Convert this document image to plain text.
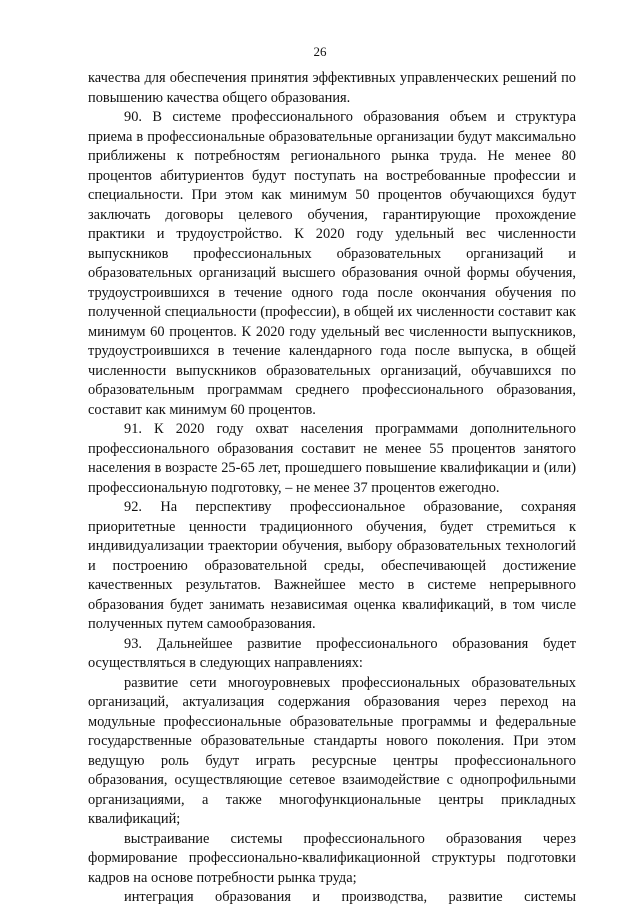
26

качества для обеспечения принятия эффективных управленческих решений по повышению качества общего образования.

90. В системе профессионального образования объем и структура приема в профессиональные образовательные организации будут максимально приближены к потребностям регионального рынка труда. Не менее 80 процентов абитуриентов будут поступать на востребованные профессии и специальности. При этом как минимум 50 процентов обучающихся будут заключать договоры целевого обучения, гарантирующие прохождение практики и трудоустройство. К 2020 году удельный вес численности выпускников профессиональных образовательных организаций и образовательных организаций высшего образования очной формы обучения, трудоустроившихся в течение одного года после окончания обучения по полученной специальности (профессии), в общей их численности составит как минимум 60 процентов. К 2020 году удельный вес численности выпускников, трудоустроившихся в течение календарного года после выпуска, в общей численности выпускников образовательных организаций, обучавшихся по образовательным программам среднего профессионального образования, составит как минимум 60 процентов.

91. К 2020 году охват населения программами дополнительного профессионального образования составит не менее 55 процентов занятого населения в возрасте 25-65 лет, прошедшего повышение квалификации и (или) профессиональную подготовку, – не менее 37 процентов ежегодно.

92. На перспективу профессиональное образование, сохраняя приоритетные ценности традиционного обучения, будет стремиться к индивидуализации траектории обучения, выбору образовательных технологий и построению образовательной среды, обеспечивающей достижение качественных результатов. Важнейшее место в системе непрерывного образования будет занимать независимая оценка квалификаций, в том числе полученных путем самообразования.

93. Дальнейшее развитие профессионального образования будет осуществляться в следующих направлениях:

развитие сети многоуровневых профессиональных образовательных организаций, актуализация содержания образования через переход на модульные профессиональные образовательные программы и федеральные государственные образовательные стандарты нового поколения. При этом ведущую роль будут играть ресурсные центры профессионального образования, осуществляющие сетевое взаимодействие с однопрофильными организациями, а также многофункциональные центры прикладных квалификаций;

выстраивание системы профессионального образования через формирование профессионально-квалификационной структуры подготовки кадров на основе потребности рынка труда;

интеграция образования и производства, развитие системы
